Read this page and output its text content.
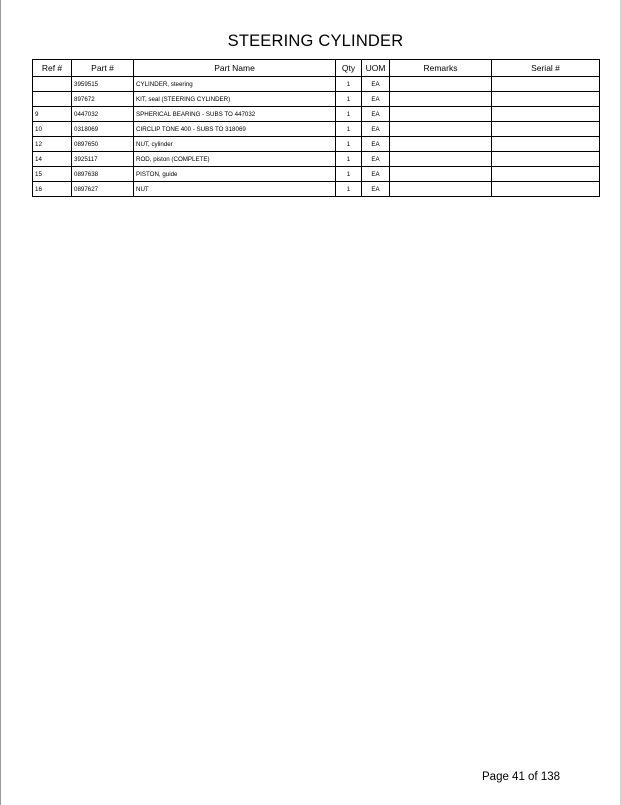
STEERING CYLINDER
Ref #	Part #	Part Name	Qty	UOM	Remarks	Serial #
	3959515	CYLINDER, steering	1	EA		
	897672	KIT, seal (STEERING CYLINDER)	1	EA		
9	0447032	SPHERICAL BEARING - SUBS TO 447032	1	EA		
10	0318069	CIRCLIP TONE 400 - SUBS TO 318069	1	EA		
12	0897650	NUT, cylinder	1	EA		
14	3925117	ROD, piston (COMPLETE)	1	EA		
15	0897638	PISTON, guide	1	EA		
16	0897627	NUT	1	EA		
Page 41 of 138
